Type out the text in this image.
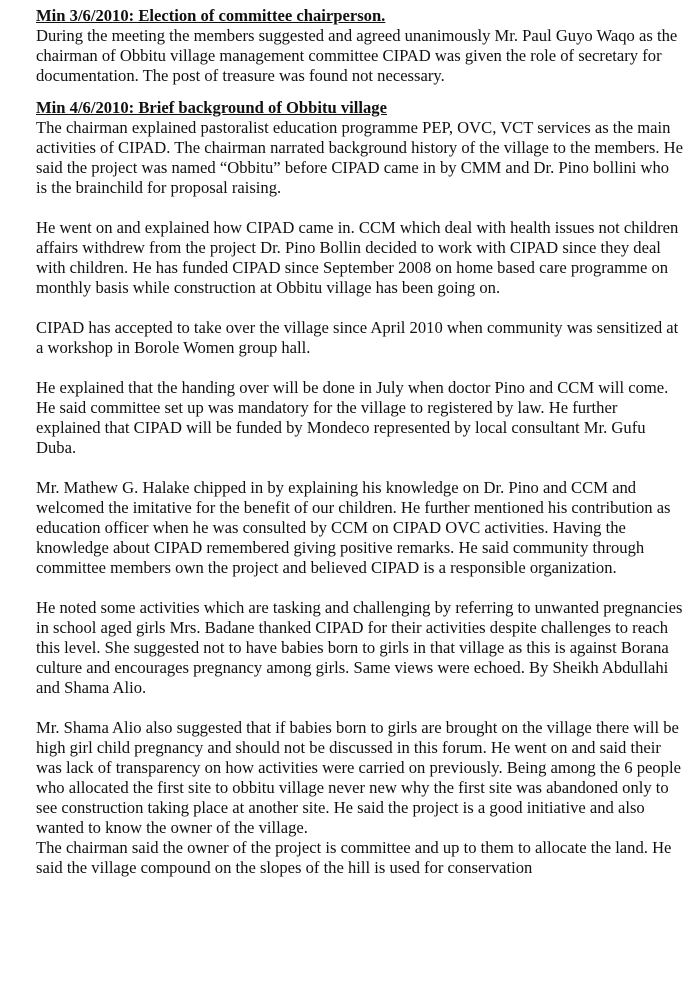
Min 3/6/2010: Election of committee chairperson.

During the meeting the members suggested and agreed unanimously Mr. Paul Guyo Waqo as the chairman of Obbitu village management committee CIPAD was given the role of secretary for documentation. The post of treasure was found not necessary.

Min 4/6/2010: Brief background of Obbitu village

The chairman explained pastoralist education programme PEP, OVC, VCT services as the main activities of CIPAD. The chairman narrated background history of the village to the members. He said the project was named “Obbitu” before CIPAD came in by CMM and Dr. Pino bollini who is the brainchild for proposal raising.

He went on and explained how CIPAD came in. CCM which deal with health issues not children affairs withdrew from the project Dr. Pino Bollin decided to work with CIPAD since they deal with children. He has funded CIPAD since September 2008 on home based care programme on monthly basis while construction at Obbitu village has been going on.

CIPAD has accepted to take over the village since April 2010 when community was sensitized at a workshop in Borole Women group hall.

He explained that the handing over will be done in July when doctor Pino and CCM will come. He said committee set up was mandatory for the village to registered by law. He further explained that CIPAD will be funded by Mondeco represented by local consultant Mr. Gufu Duba.

Mr. Mathew G. Halake chipped in by explaining his knowledge on Dr. Pino and CCM and welcomed the imitative for the benefit of our children. He further mentioned his contribution as education officer when he was consulted by CCM on CIPAD OVC activities. Having the knowledge about CIPAD remembered giving positive remarks. He said community through committee members own the project and believed CIPAD is a responsible organization.

He noted some activities which are tasking and challenging by referring to unwanted pregnancies in school aged girls Mrs. Badane thanked CIPAD for their activities despite challenges to reach this level. She suggested not to have babies born to girls in that village as this is against Borana culture and encourages pregnancy among girls. Same views were echoed. By Sheikh Abdullahi and Shama Alio.

Mr. Shama Alio also suggested that if babies born to girls are brought on the village there will be high girl child pregnancy and should not be discussed in this forum. He went on and said their was lack of transparency on how activities were carried on previously. Being among the 6 people who allocated the first site to obbitu village never new why the first site was abandoned only to see construction taking place at another site. He said the project is a good initiative and also wanted to know the owner of the village.

The chairman said the owner of the project is committee and up to them to allocate the land. He said the village compound on the slopes of the hill is used for conservation
